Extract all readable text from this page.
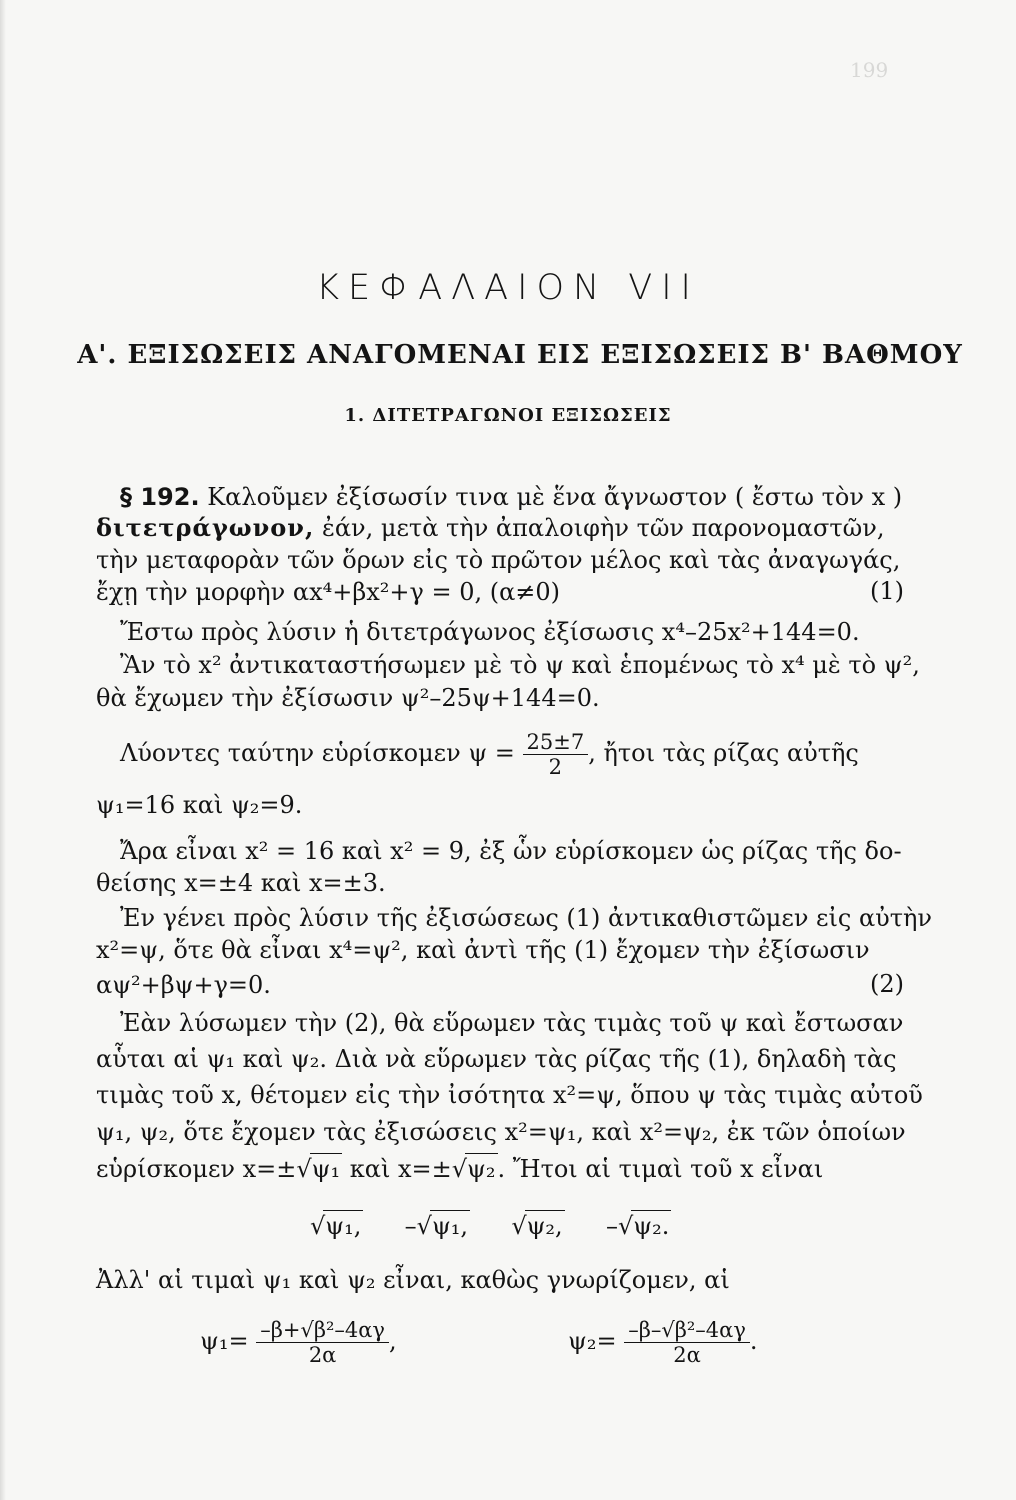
199
ΚΕΦΑΛΑΙΟΝ VII
Α'. ΕΞΙΣΩΣΕΙΣ ΑΝΑΓΟΜΕΝΑΙ ΕΙΣ ΕΞΙΣΩΣΕΙΣ Β' ΒΑΘΜΟΥ
1. ΔΙΤΕΤΡΑΓΩΝΟΙ ΕΞΙΣΩΣΕΙΣ
§ 192. Καλοῦμεν ἐξίσωσίν τινα μὲ ἕνα ἄγνωστον ( ἔστω τὸν x )
διτετράγωνον, ἐάν, μετὰ τὴν ἀπαλοιφὴν τῶν παρονομαστῶν,
τὴν μεταφορὰν τῶν ὅρων εἰς τὸ πρῶτον μέλος καὶ τὰς ἀναγωγάς,
ἔχῃ τὴν μορφὴν αx⁴+βx²+γ = 0, (α≠0)	(1)
Ἔστω πρὸς λύσιν ἡ διτετράγωνος ἐξίσωσις x⁴–25x²+144=0.
Ἂν τὸ x² ἀντικαταστήσωμεν μὲ τὸ ψ καὶ ἑπομένως τὸ x⁴ μὲ τὸ ψ²,
θὰ ἔχωμεν τὴν ἐξίσωσιν ψ²–25ψ+144=0.
Λύοντες ταύτην εὑρίσκομεν $\psi = \frac{25\pm 7}{2}$ , ἤτοι τὰς ρίζας αὐτῆς
ψ₁=16 καὶ ψ₂=9.
Ἄρα εἶναι x² = 16 καὶ x² = 9, ἐξ ὧν εὑρίσκομεν ὡς ρίζας τῆς δο-
θείσης x=±4 καὶ x=±3.
Ἐν γένει πρὸς λύσιν τῆς ἐξισώσεως (1) ἀντικαθιστῶμεν εἰς αὐτὴν
x²=ψ, ὅτε θὰ εἶναι x⁴=ψ², καὶ ἀντὶ τῆς (1) ἔχομεν τὴν ἐξίσωσιν
αψ²+βψ+γ=0.	(2)
Ἐὰν λύσωμεν τὴν (2), θὰ εὕρωμεν τὰς τιμὰς τοῦ ψ καὶ ἔστωσαν
αὗται αἱ ψ₁ καὶ ψ₂. Διὰ νὰ εὕρωμεν τὰς ρίζας τῆς (1), δηλαδὴ τὰς
τιμὰς τοῦ x, θέτομεν εἰς τὴν ἰσότητα x²=ψ, ὅπου ψ τὰς τιμὰς αὐτοῦ
ψ₁, ψ₂, ὅτε ἔχομεν τὰς ἐξισώσεις x²=ψ₁, καὶ x²=ψ₂, ἐκ τῶν ὁποίων
εὑρίσκομεν x=±√ψ₁ καὶ x=±√ψ₂. Ἤτοι αἱ τιμαὶ τοῦ x εἶναι
√ψ₁, –√ψ₁, √ψ₂, –√ψ₂.
Ἀλλ' αἱ τιμαὶ ψ₁ καὶ ψ₂ εἶναι, καθὼς γνωρίζομεν, αἱ
$\psi_1= \frac{\text{–β+√β²–4αγ}}{2\alpha}$ ,	$\psi_2= \frac{\text{–β–√β²–4αγ}}{2\alpha}$ .
